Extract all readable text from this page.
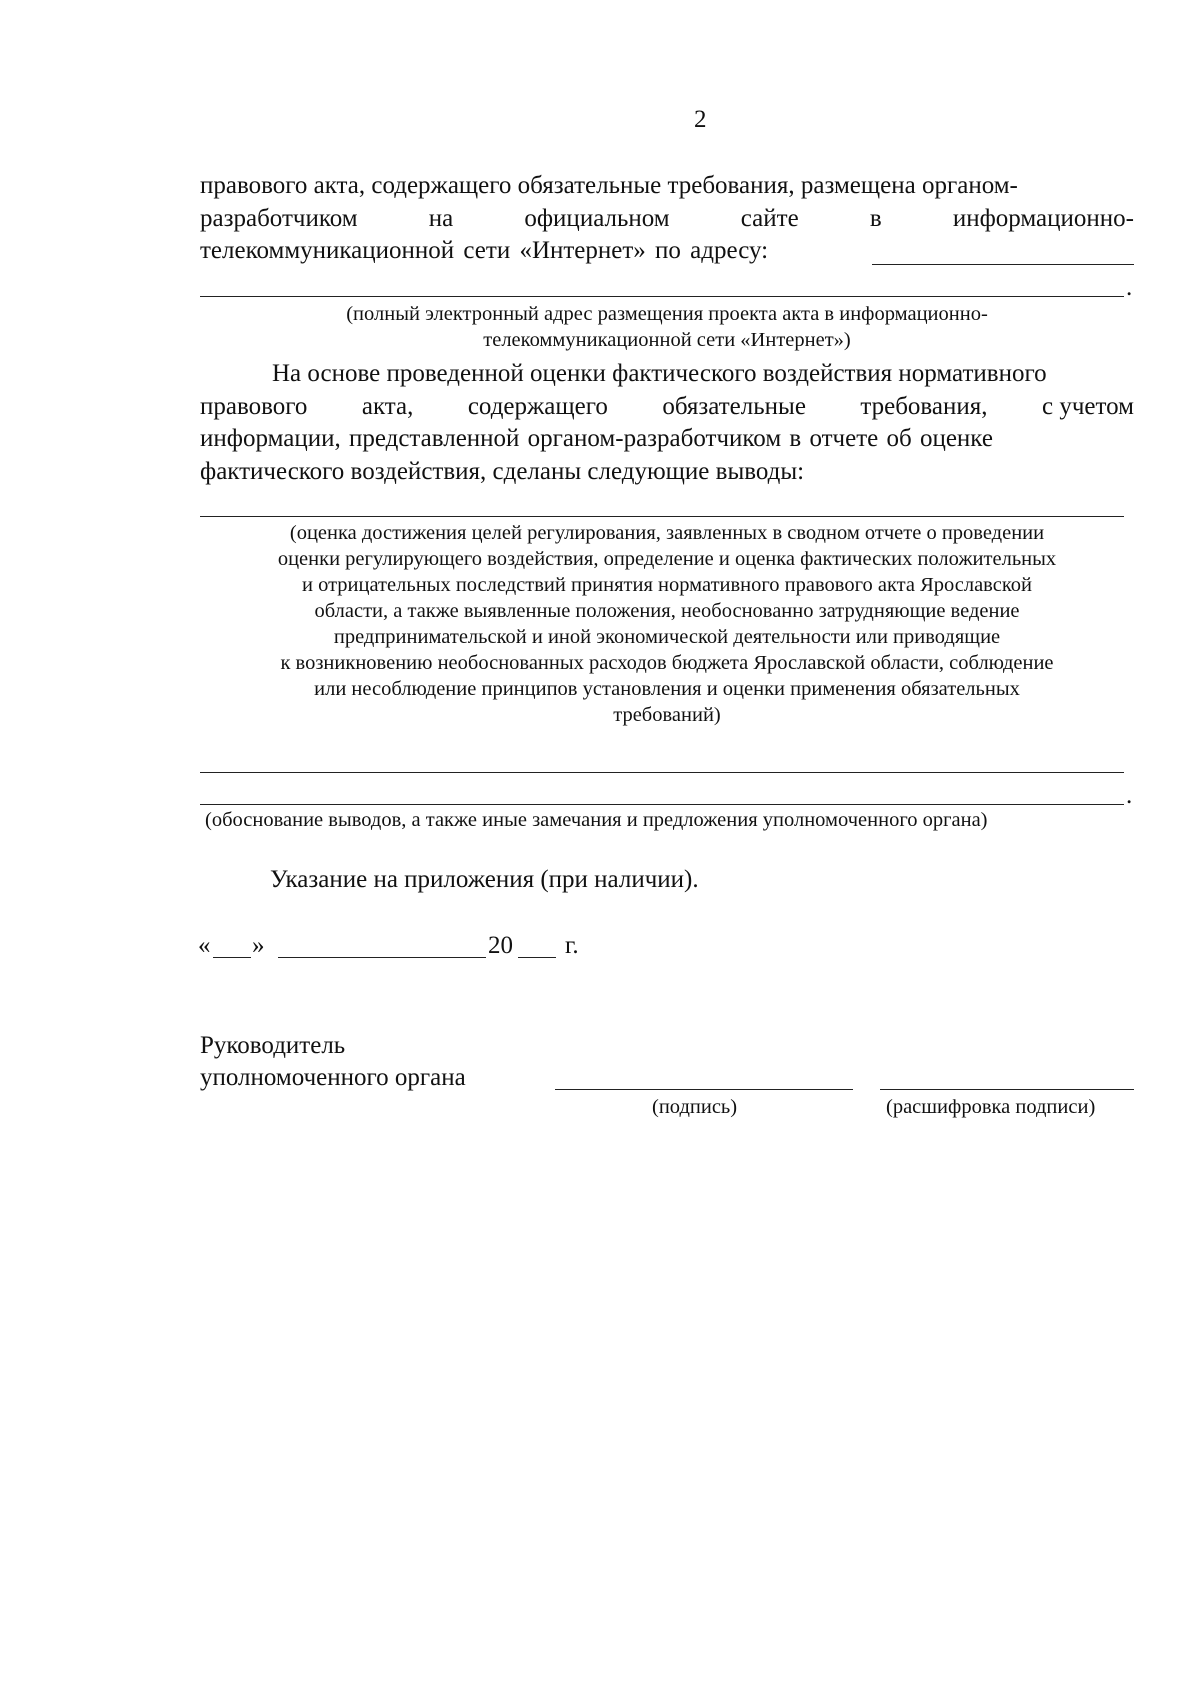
2
правового акта, содержащего обязательные требования, размещена органом-
разработчиком	на	официальном	сайте	в	информационно-
телекоммуникационной сети «Интернет» по адресу:
.
(полный электронный адрес размещения проекта акта в информационно-
телекоммуникационной сети «Интернет»)
На основе проведенной оценки фактического воздействия нормативного
правового акта, содержащего обязательные требования, с учетом
информации, представленной органом-разработчиком в отчете об оценке
фактического воздействия, сделаны следующие выводы:
(оценка достижения целей регулирования, заявленных в сводном отчете о проведении
оценки регулирующего воздействия, определение и оценка фактических положительных
и отрицательных последствий принятия нормативного правового акта Ярославской
области, а также выявленные положения, необоснованно затрудняющие ведение
предпринимательской и иной экономической деятельности или приводящие
к возникновению необоснованных расходов бюджета Ярославской области, соблюдение
или несоблюдение принципов установления и оценки применения обязательных
требований)
.
(обоснование выводов, а также иные замечания и предложения уполномоченного органа)
Указание на приложения (при наличии).
« »	20 г.
Руководитель
уполномоченного органа
(подпись)	(расшифровка подписи)
